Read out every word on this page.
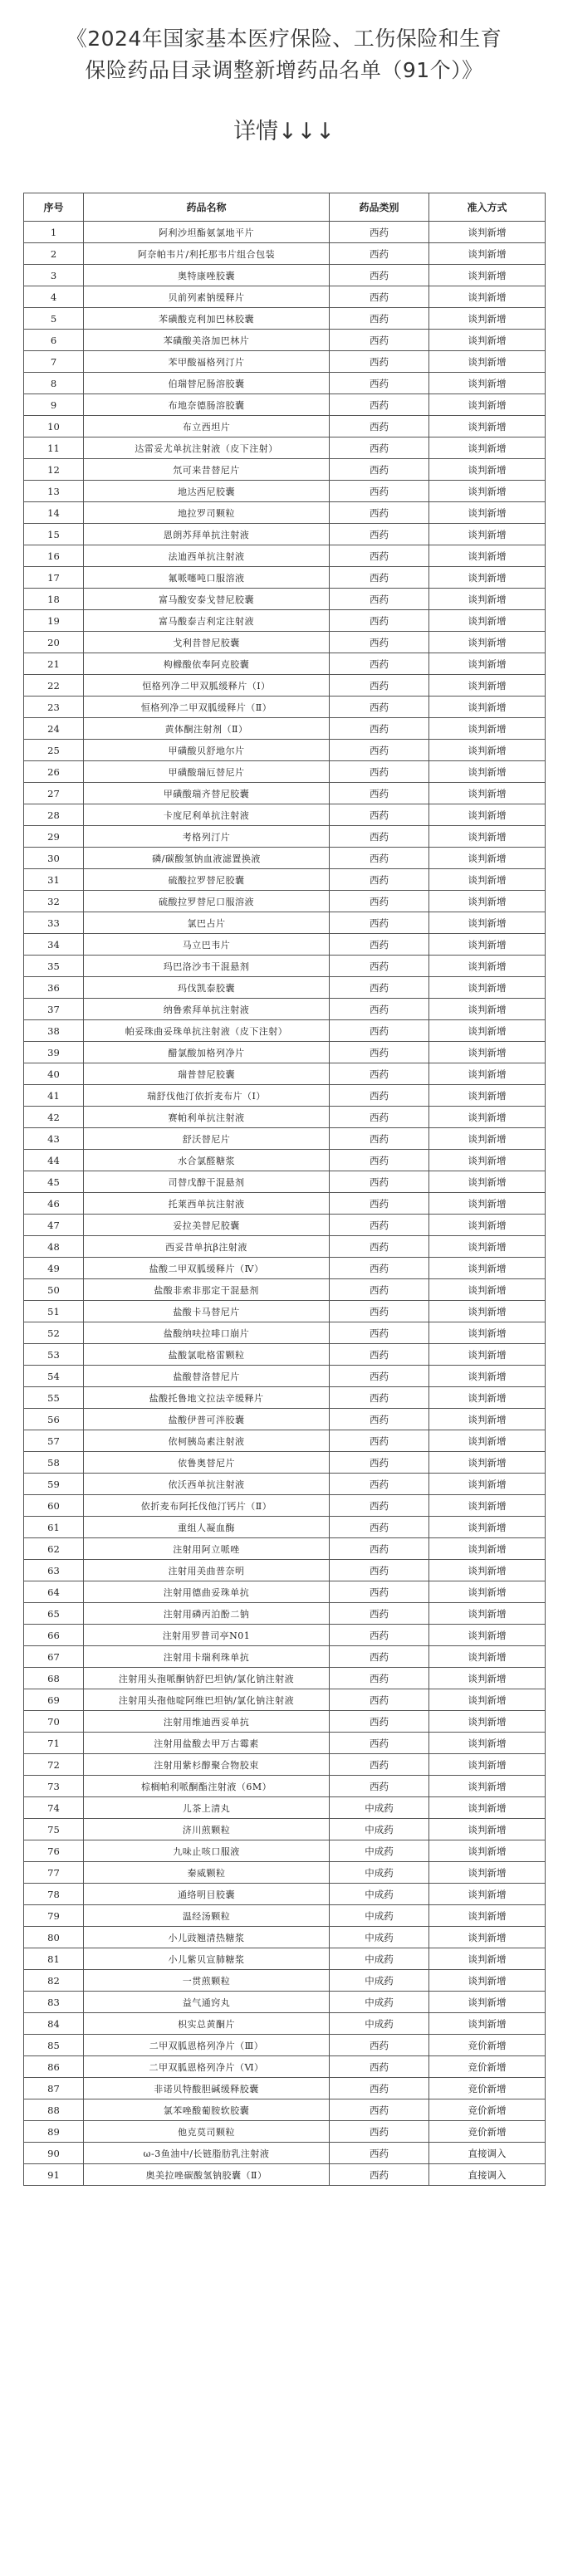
《2024年国家基本医疗保险、工伤保险和生育
保险药品目录调整新增药品名单（91个）》
详情↓↓↓
序号	药品名称	药品类别	准入方式
1	阿利沙坦酯氨氯地平片	西药	谈判新增
2	阿奈帕韦片/利托那韦片组合包装	西药	谈判新增
3	奥特康唑胶囊	西药	谈判新增
4	贝前列素钠缓释片	西药	谈判新增
5	苯磺酸克利加巴林胶囊	西药	谈判新增
6	苯磺酸美洛加巴林片	西药	谈判新增
7	苯甲酸福格列汀片	西药	谈判新增
8	伯瑞替尼肠溶胶囊	西药	谈判新增
9	布地奈德肠溶胶囊	西药	谈判新增
10	布立西坦片	西药	谈判新增
11	达雷妥尤单抗注射液（皮下注射）	西药	谈判新增
12	氘可来昔替尼片	西药	谈判新增
13	地达西尼胶囊	西药	谈判新增
14	地拉罗司颗粒	西药	谈判新增
15	恩朗苏拜单抗注射液	西药	谈判新增
16	法迪西单抗注射液	西药	谈判新增
17	氟哌噻吨口服溶液	西药	谈判新增
18	富马酸安泰戈替尼胶囊	西药	谈判新增
19	富马酸泰吉利定注射液	西药	谈判新增
20	戈利昔替尼胶囊	西药	谈判新增
21	枸橼酸依奉阿克胶囊	西药	谈判新增
22	恒格列净二甲双胍缓释片（Ⅰ）	西药	谈判新增
23	恒格列净二甲双胍缓释片（Ⅱ）	西药	谈判新增
24	黄体酮注射剂（Ⅱ）	西药	谈判新增
25	甲磺酸贝舒地尔片	西药	谈判新增
26	甲磺酸瑞厄替尼片	西药	谈判新增
27	甲磺酸瑞齐替尼胶囊	西药	谈判新增
28	卡度尼利单抗注射液	西药	谈判新增
29	考格列汀片	西药	谈判新增
30	磷/碳酸氢钠血液滤置换液	西药	谈判新增
31	硫酸拉罗替尼胶囊	西药	谈判新增
32	硫酸拉罗替尼口服溶液	西药	谈判新增
33	氯巴占片	西药	谈判新增
34	马立巴韦片	西药	谈判新增
35	玛巴洛沙韦干混悬剂	西药	谈判新增
36	玛伐凯泰胶囊	西药	谈判新增
37	纳鲁索拜单抗注射液	西药	谈判新增
38	帕妥珠曲妥珠单抗注射液（皮下注射）	西药	谈判新增
39	醋氯酸加格列净片	西药	谈判新增
40	瑞普替尼胶囊	西药	谈判新增
41	瑞舒伐他汀依折麦布片（Ⅰ）	西药	谈判新增
42	赛帕利单抗注射液	西药	谈判新增
43	舒沃替尼片	西药	谈判新增
44	水合氯醛糖浆	西药	谈判新增
45	司替戊醇干混悬剂	西药	谈判新增
46	托莱西单抗注射液	西药	谈判新增
47	妥拉美替尼胶囊	西药	谈判新增
48	西妥昔单抗β注射液	西药	谈判新增
49	盐酸二甲双胍缓释片（Ⅳ）	西药	谈判新增
50	盐酸非索非那定干混悬剂	西药	谈判新增
51	盐酸卡马替尼片	西药	谈判新增
52	盐酸纳呋拉啡口崩片	西药	谈判新增
53	盐酸氯吡格雷颗粒	西药	谈判新增
54	盐酸替洛替尼片	西药	谈判新增
55	盐酸托鲁地文拉法辛缓释片	西药	谈判新增
56	盐酸伊普可泮胶囊	西药	谈判新增
57	依柯胰岛素注射液	西药	谈判新增
58	依鲁奥替尼片	西药	谈判新增
59	依沃西单抗注射液	西药	谈判新增
60	依折麦布阿托伐他汀钙片（Ⅱ）	西药	谈判新增
61	重组人凝血酶	西药	谈判新增
62	注射用阿立哌唑	西药	谈判新增
63	注射用美曲普奈明	西药	谈判新增
64	注射用德曲妥珠单抗	西药	谈判新增
65	注射用磷丙泊酚二钠	西药	谈判新增
66	注射用罗普司亭N01	西药	谈判新增
67	注射用卡瑞利珠单抗	西药	谈判新增
68	注射用头孢哌酮钠舒巴坦钠/氯化钠注射液	西药	谈判新增
69	注射用头孢他啶阿维巴坦钠/氯化钠注射液	西药	谈判新增
70	注射用维迪西妥单抗	西药	谈判新增
71	注射用盐酸去甲万古霉素	西药	谈判新增
72	注射用紫杉醇聚合物胶束	西药	谈判新增
73	棕榈帕利哌酮酯注射液（6M）	西药	谈判新增
74	儿茶上清丸	中成药	谈判新增
75	济川煎颗粒	中成药	谈判新增
76	九味止咳口服液	中成药	谈判新增
77	秦威颗粒	中成药	谈判新增
78	通络明目胶囊	中成药	谈判新增
79	温经汤颗粒	中成药	谈判新增
80	小儿豉翘清热糖浆	中成药	谈判新增
81	小儿紫贝宣肺糖浆	中成药	谈判新增
82	一贯煎颗粒	中成药	谈判新增
83	益气通窍丸	中成药	谈判新增
84	枳实总黄酮片	中成药	谈判新增
85	二甲双胍恩格列净片（Ⅲ）	西药	竞价新增
86	二甲双胍恩格列净片（Ⅵ）	西药	竞价新增
87	非诺贝特酸胆碱缓释胶囊	西药	竞价新增
88	氯苯唑酸葡胺软胶囊	西药	竞价新增
89	他克莫司颗粒	西药	竞价新增
90	ω-3鱼油中/长链脂肪乳注射液	西药	直接调入
91	奥美拉唑碳酸氢钠胶囊（Ⅱ）	西药	直接调入
